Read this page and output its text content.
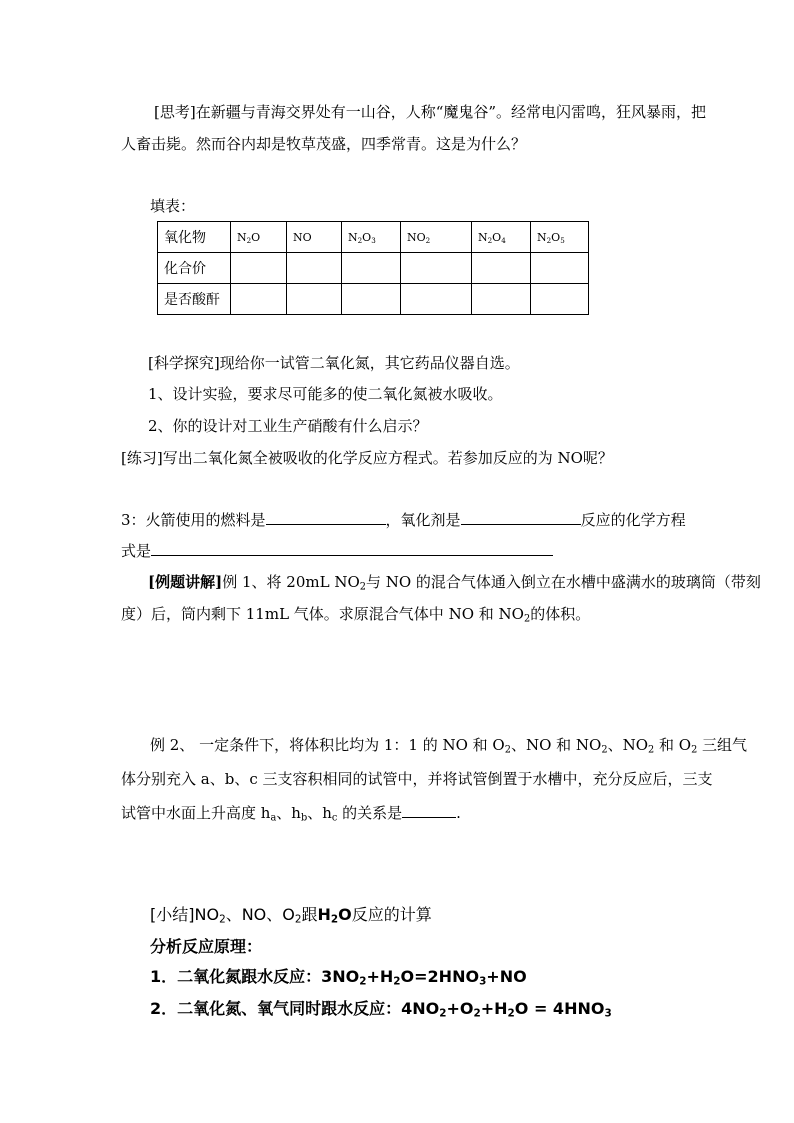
[思考]在新疆与青海交界处有一山谷，人称“魔鬼谷”。经常电闪雷鸣，狂风暴雨，把
人畜击毙。然而谷内却是牧草茂盛，四季常青。这是为什么？
填表：
氧化物	$N_2O$	NO	$N_2O_3$	$NO_2$	$N_2O_4$	$N_2O_5$
化合价						
是否酸酐						
[科学探究]现给你一试管二氧化氮，其它药品仪器自选。
1、设计实验，要求尽可能多的使二氧化氮被水吸收。
2、你的设计对工业生产硝酸有什么启示？
[练习]写出二氧化氮全被吸收的化学反应方程式。若参加反应的为 NO呢？
3：火箭使用的燃料是	，氧化剂是	反应的化学方程
式是
[例题讲解]例 1、将 20mL $NO_2$与 NO 的混合气体通入倒立在水槽中盛满水的玻璃筒（带刻
度）后，筒内剩下 11mL 气体。求原混合气体中 NO 和 $NO_2$的体积。
例 2、 一定条件下，将体积比均为 1：1 的 NO 和 $O_2$、NO 和 $NO_2$、$NO_2$ 和 $O_2$ 三组气
体分别充入 a、b、c 三支容积相同的试管中，并将试管倒置于水槽中，充分反应后，三支
试管中水面上升高度 $h_a$、$h_b$、$h_c$ 的关系是	.
[小结]$NO_2$、NO、$O_2$跟$H_2O$反应的计算
分析反应原理：
1．二氧化氮跟水反应：$3NO_2+H_2O=2HNO_3+NO$
2．二氧化氮、氧气同时跟水反应：$4NO_2+O_2+H_2O = 4HNO_3$
